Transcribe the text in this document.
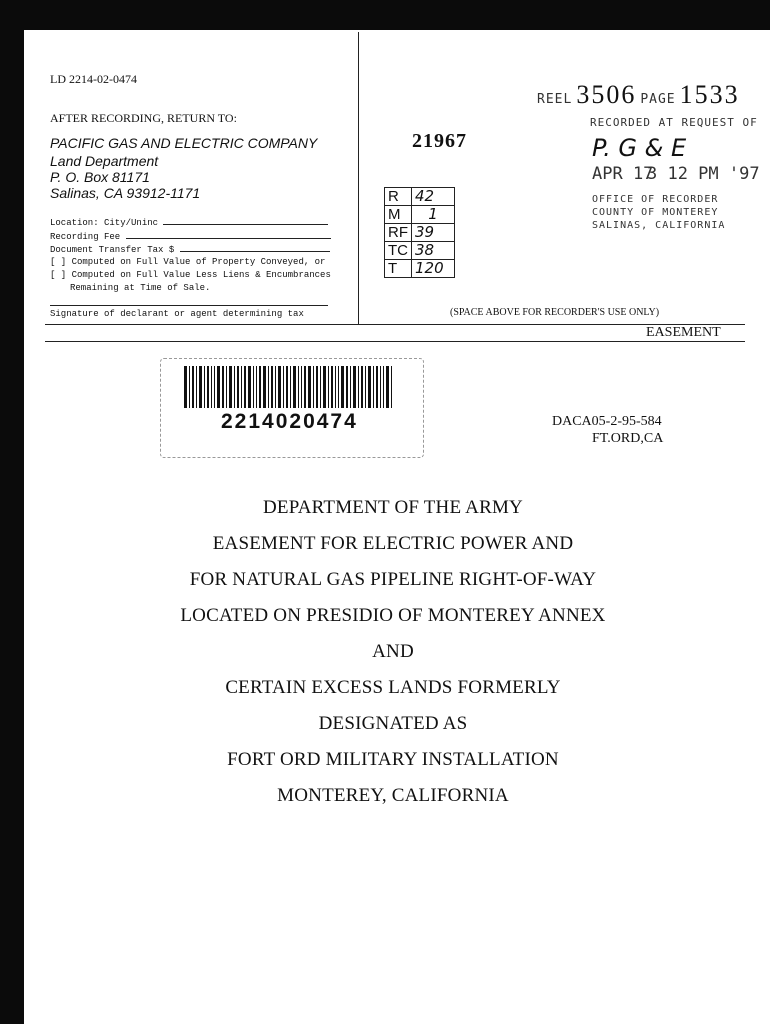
LD 2214-02-0474
AFTER RECORDING, RETURN TO:
PACIFIC GAS AND ELECTRIC COMPANY
Land Department
P. O. Box 81171
Salinas, CA 93912-1171
Location: City/Uninc
Recording Fee
Document Transfer Tax $
[ ] Computed on Full Value of Property Conveyed, or
[ ] Computed on Full Value Less Liens & Encumbrances
Remaining at Time of Sale.
Signature of declarant or agent determining tax
21967
R	42
M	1
RF	39
TC	38
T	120
REEL 3506 PAGE 1533
RECORDED AT REQUEST OF
P. G & E
APR 17
3 12 PM '97
OFFICE OF RECORDER
COUNTY OF MONTEREY
SALINAS, CALIFORNIA
(SPACE ABOVE FOR RECORDER'S USE ONLY)
EASEMENT
2214020474	DACA05-2-95-584
FT.ORD,CA
DEPARTMENT OF THE ARMY
EASEMENT FOR ELECTRIC POWER AND
FOR NATURAL GAS PIPELINE RIGHT-OF-WAY
LOCATED ON PRESIDIO OF MONTEREY ANNEX
AND
CERTAIN EXCESS LANDS FORMERLY
DESIGNATED AS
FORT ORD MILITARY INSTALLATION
MONTEREY, CALIFORNIA
